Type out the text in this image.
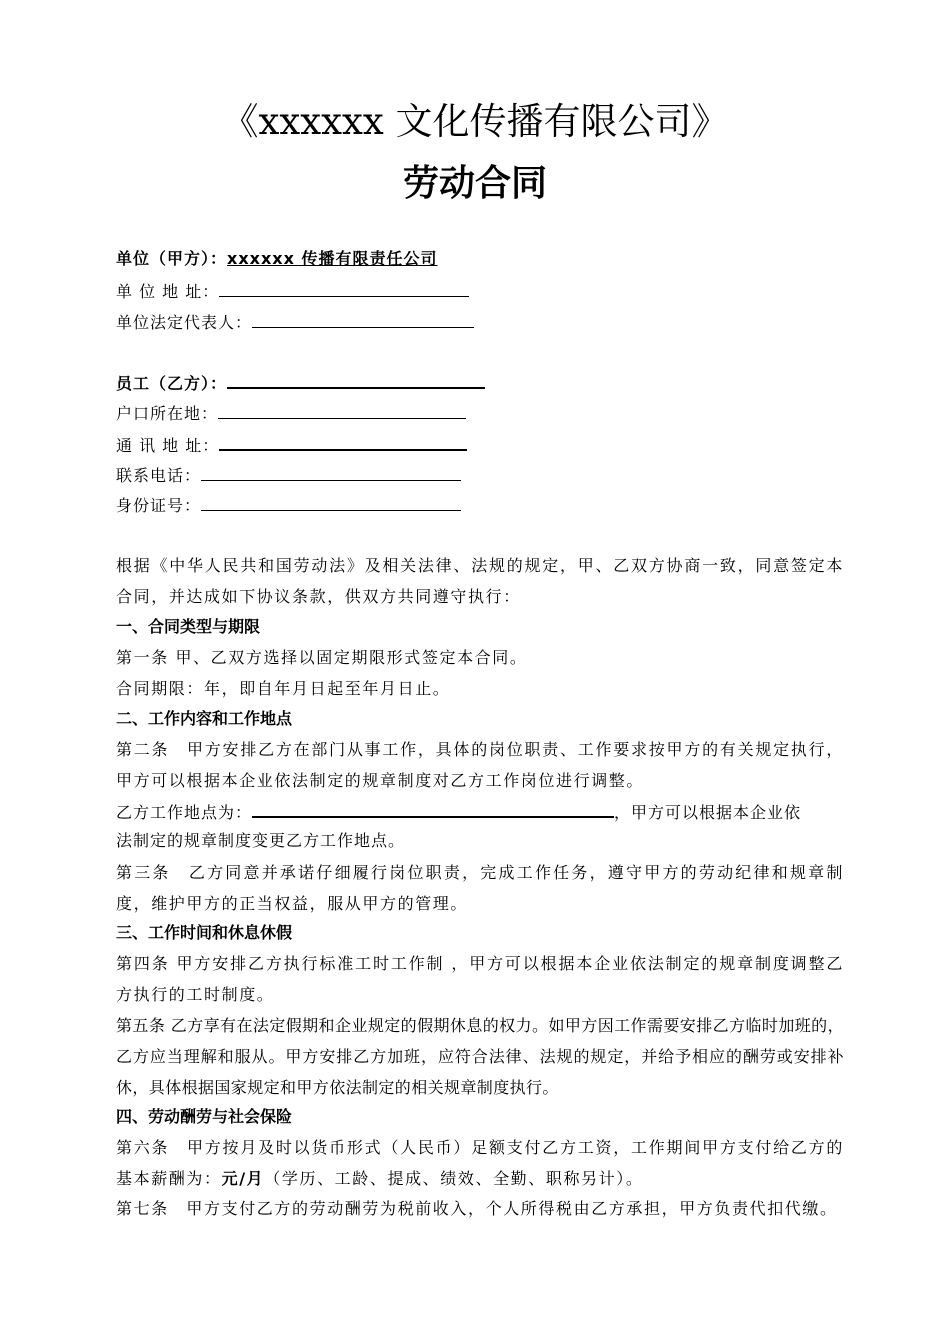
《xxxxxx 文化传播有限公司》
劳动合同
单位（甲方）：xxxxxx 传播有限责任公司
单 位 地 址：
单位法定代表人：
员工（乙方）：
户口所在地：
通 讯 地 址：
联系电话：
身份证号：
根据《中华人民共和国劳动法》及相关法律、法规的规定，甲、乙双方协商一致，同意签定本合同，并达成如下协议条款，供双方共同遵守执行：
一、合同类型与期限
第一条 甲、乙双方选择以固定期限形式签定本合同。
合同期限：年，即自年月日起至年月日止。
二、工作内容和工作地点
第二条　甲方安排乙方在部门从事工作，具体的岗位职责、工作要求按甲方的有关规定执行，甲方可以根据本企业依法制定的规章制度对乙方工作岗位进行调整。
乙方工作地点为：	，甲方可以根据本企业依
法制定的规章制度变更乙方工作地点。
第三条　乙方同意并承诺仔细履行岗位职责，完成工作任务，遵守甲方的劳动纪律和规章制度，维护甲方的正当权益，服从甲方的管理。
三、工作时间和休息休假
第四条 甲方安排乙方执行标准工时工作制 ，甲方可以根据本企业依法制定的规章制度调整乙方执行的工时制度。
第五条 乙方享有在法定假期和企业规定的假期休息的权力。如甲方因工作需要安排乙方临时加班的，乙方应当理解和服从。甲方安排乙方加班，应符合法律、法规的规定，并给予相应的酬劳或安排补休，具体根据国家规定和甲方依法制定的相关规章制度执行。
四、劳动酬劳与社会保险
第六条　甲方按月及时以货币形式（人民币）足额支付乙方工资，工作期间甲方支付给乙方的基本薪酬为：元/月（学历、工龄、提成、绩效、全勤、职称另计）。
第七条　甲方支付乙方的劳动酬劳为税前收入，个人所得税由乙方承担，甲方负责代扣代缴。
